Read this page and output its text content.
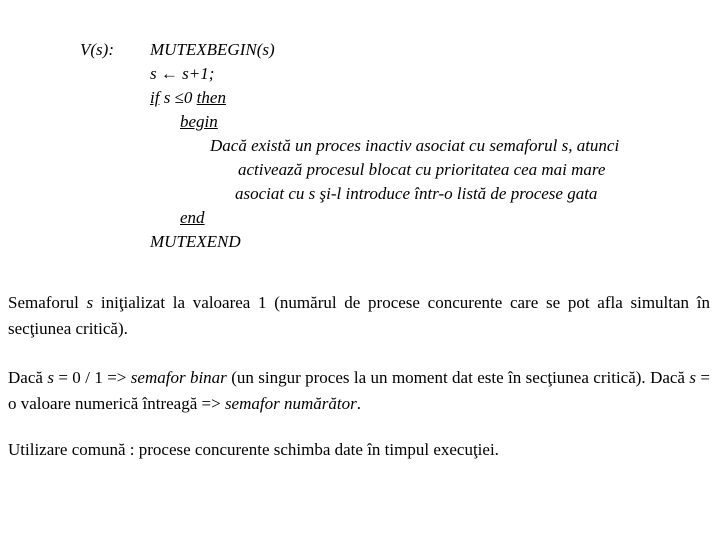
V(s): MUTEXBEGIN(s)
s ← s+1;
if s ≤0 then
begin
Dacă există un proces inactiv asociat cu semaforul s, atunci
activează procesul blocat cu prioritatea cea mai mare
asociat cu s şi-l introduce într-o listă de procese gata
end
MUTEXEND
Semaforul s iniţializat la valoarea 1 (numărul de procese concurente care se pot afla simultan în secţiunea critică).
Dacă s = 0 / 1 => semafor binar (un singur proces la un moment dat este în secţiunea critică). Dacă s = o valoare numerică întreagă => semafor numărător.
Utilizare comună : procese concurente schimba date în timpul execuţiei.
